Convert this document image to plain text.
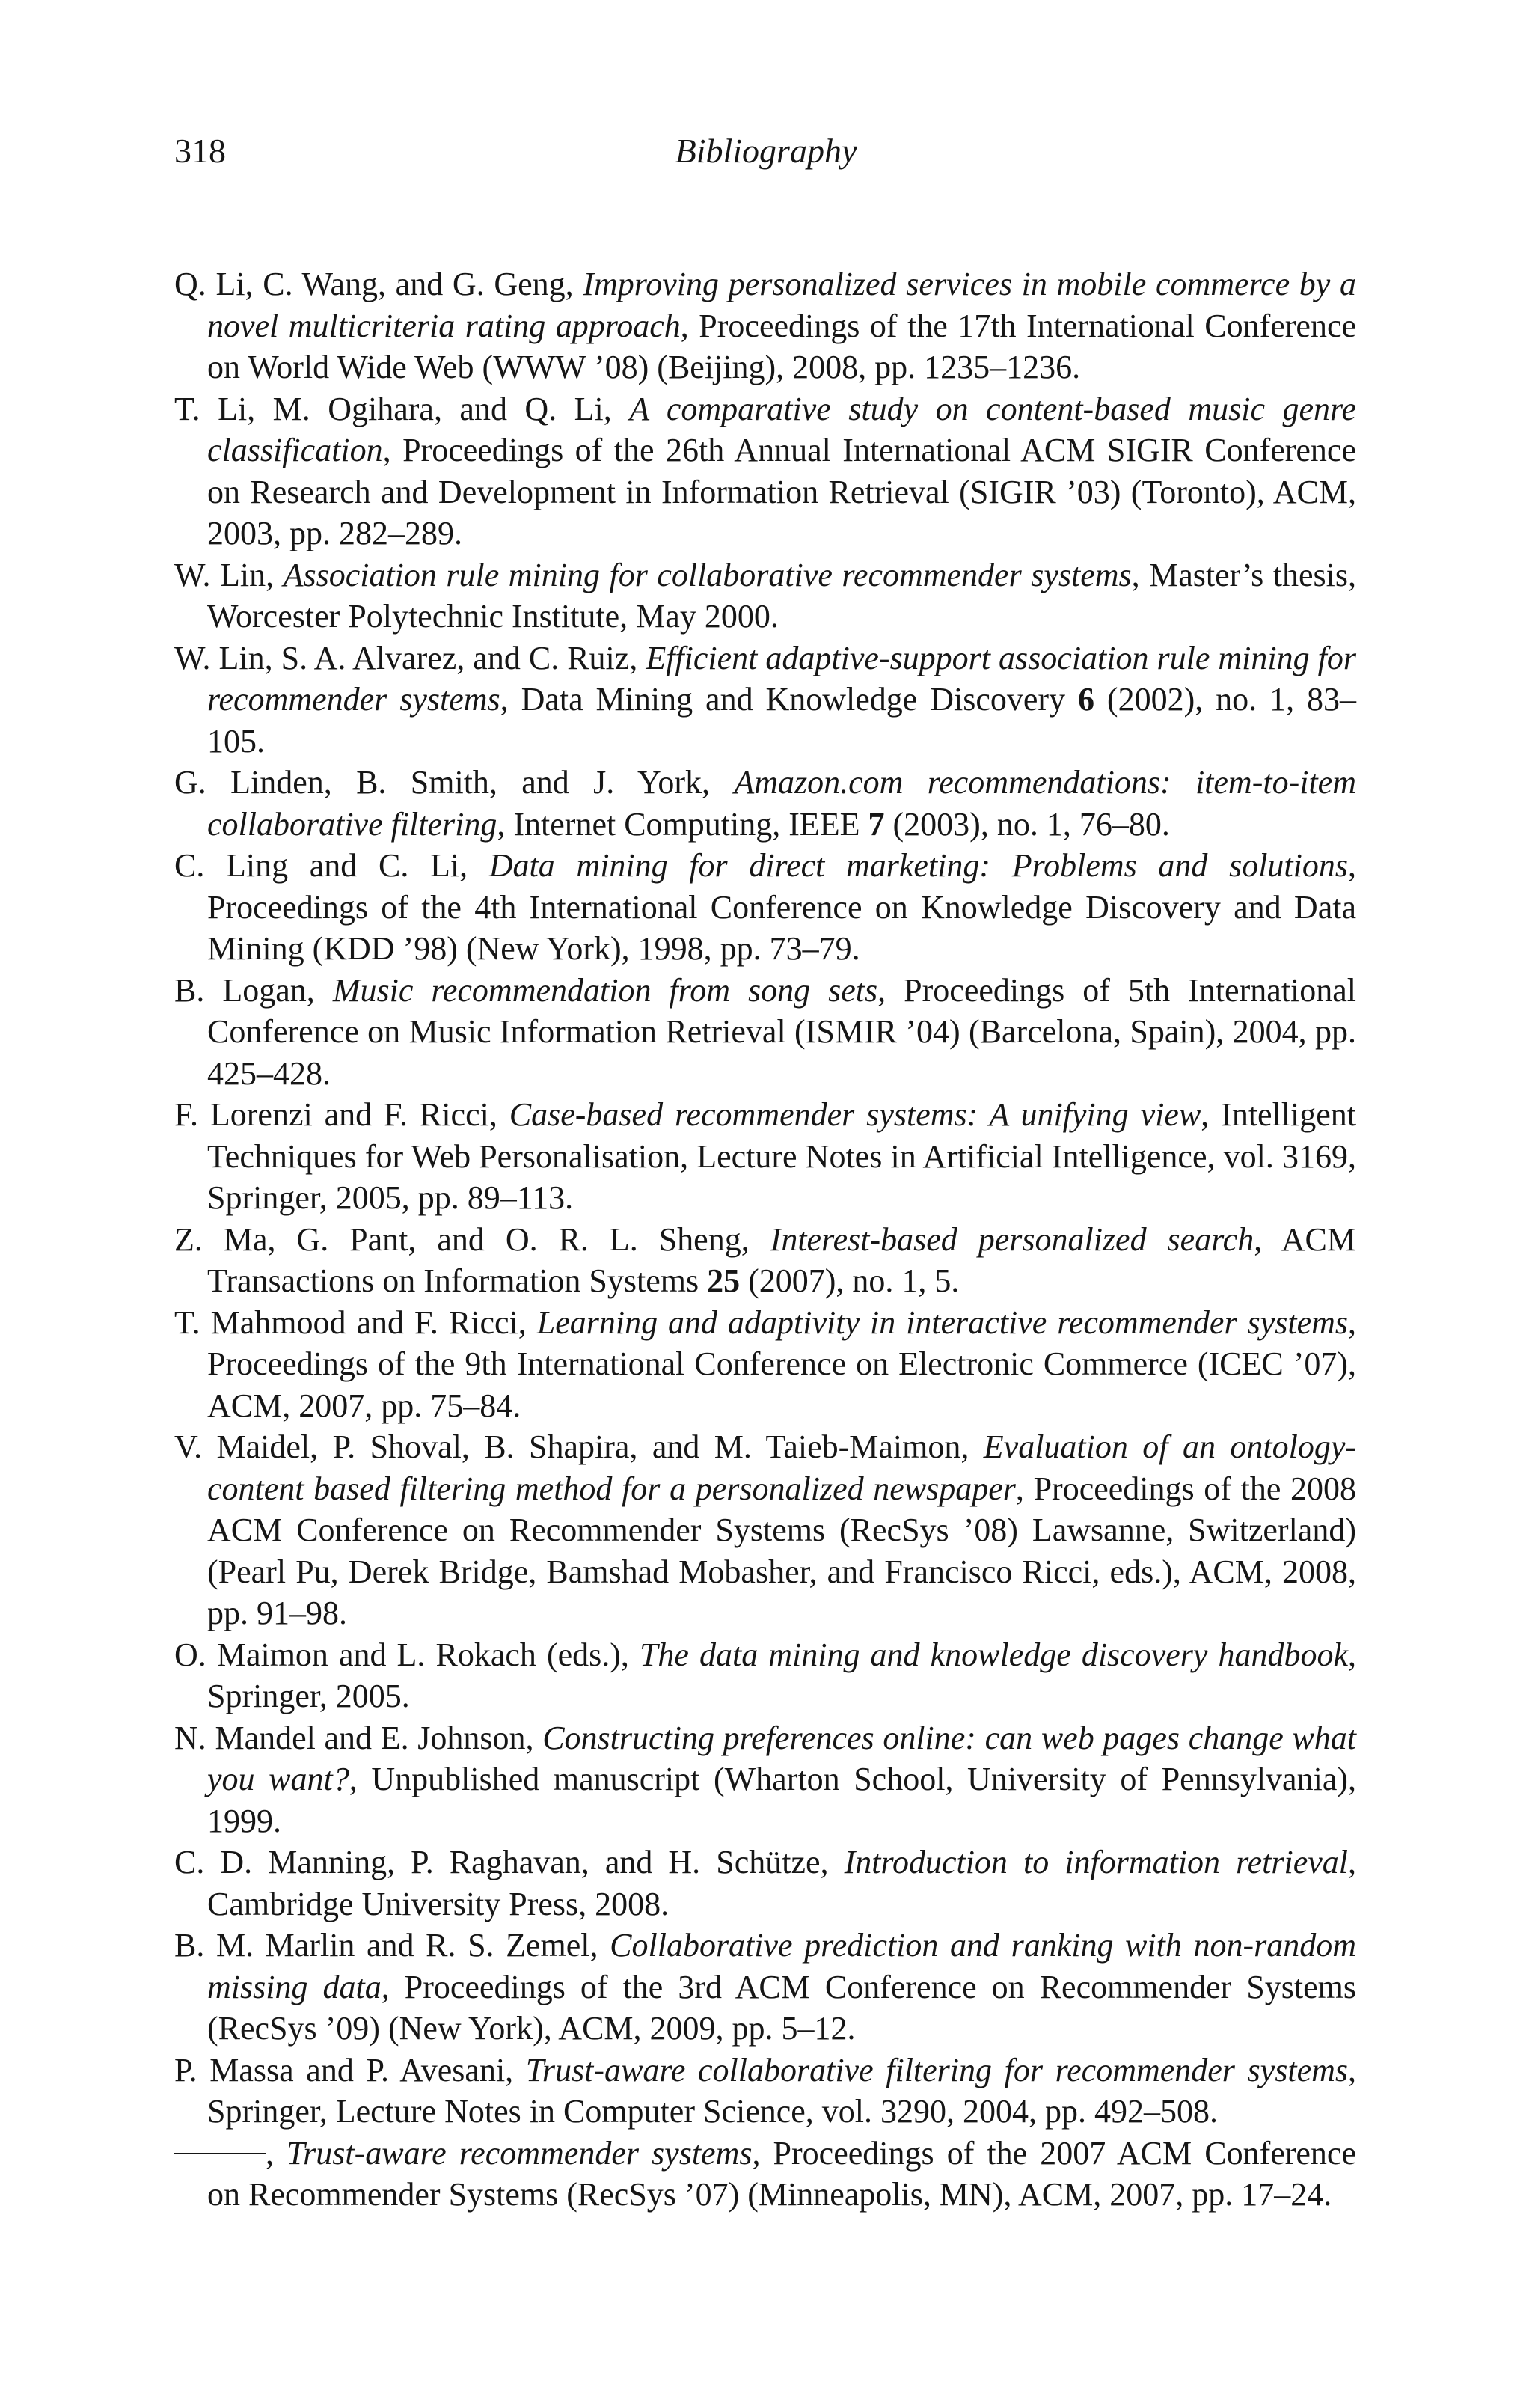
318	Bibliography

Q. Li, C. Wang, and G. Geng, Improving personalized services in mobile commerce by a novel multicriteria rating approach, Proceedings of the 17th International Conference on World Wide Web (WWW ’08) (Beijing), 2008, pp. 1235–1236.

T. Li, M. Ogihara, and Q. Li, A comparative study on content-based music genre classification, Proceedings of the 26th Annual International ACM SIGIR Conference on Research and Development in Information Retrieval (SIGIR ’03) (Toronto), ACM, 2003, pp. 282–289.

W. Lin, Association rule mining for collaborative recommender systems, Master’s thesis, Worcester Polytechnic Institute, May 2000.

W. Lin, S. A. Alvarez, and C. Ruiz, Efficient adaptive-support association rule mining for recommender systems, Data Mining and Knowledge Discovery 6 (2002), no. 1, 83–105.

G. Linden, B. Smith, and J. York, Amazon.com recommendations: item-to-item collaborative filtering, Internet Computing, IEEE 7 (2003), no. 1, 76–80.

C. Ling and C. Li, Data mining for direct marketing: Problems and solutions, Proceedings of the 4th International Conference on Knowledge Discovery and Data Mining (KDD ’98) (New York), 1998, pp. 73–79.

B. Logan, Music recommendation from song sets, Proceedings of 5th International Conference on Music Information Retrieval (ISMIR ’04) (Barcelona, Spain), 2004, pp. 425–428.

F. Lorenzi and F. Ricci, Case-based recommender systems: A unifying view, Intelligent Techniques for Web Personalisation, Lecture Notes in Artificial Intelligence, vol. 3169, Springer, 2005, pp. 89–113.

Z. Ma, G. Pant, and O. R. L. Sheng, Interest-based personalized search, ACM Transactions on Information Systems 25 (2007), no. 1, 5.

T. Mahmood and F. Ricci, Learning and adaptivity in interactive recommender systems, Proceedings of the 9th International Conference on Electronic Commerce (ICEC ’07), ACM, 2007, pp. 75–84.

V. Maidel, P. Shoval, B. Shapira, and M. Taieb-Maimon, Evaluation of an ontology-content based filtering method for a personalized newspaper, Proceedings of the 2008 ACM Conference on Recommender Systems (RecSys ’08) Lawsanne, Switzerland) (Pearl Pu, Derek Bridge, Bamshad Mobasher, and Francisco Ricci, eds.), ACM, 2008, pp. 91–98.

O. Maimon and L. Rokach (eds.), The data mining and knowledge discovery handbook, Springer, 2005.

N. Mandel and E. Johnson, Constructing preferences online: can web pages change what you want?, Unpublished manuscript (Wharton School, University of Pennsylvania), 1999.

C. D. Manning, P. Raghavan, and H. Schütze, Introduction to information retrieval, Cambridge University Press, 2008.

B. M. Marlin and R. S. Zemel, Collaborative prediction and ranking with non-random missing data, Proceedings of the 3rd ACM Conference on Recommender Systems (RecSys ’09) (New York), ACM, 2009, pp. 5–12.

P. Massa and P. Avesani, Trust-aware collaborative filtering for recommender systems, Springer, Lecture Notes in Computer Science, vol. 3290, 2004, pp. 492–508.

, Trust-aware recommender systems, Proceedings of the 2007 ACM Conference on Recommender Systems (RecSys ’07) (Minneapolis, MN), ACM, 2007, pp. 17–24.
